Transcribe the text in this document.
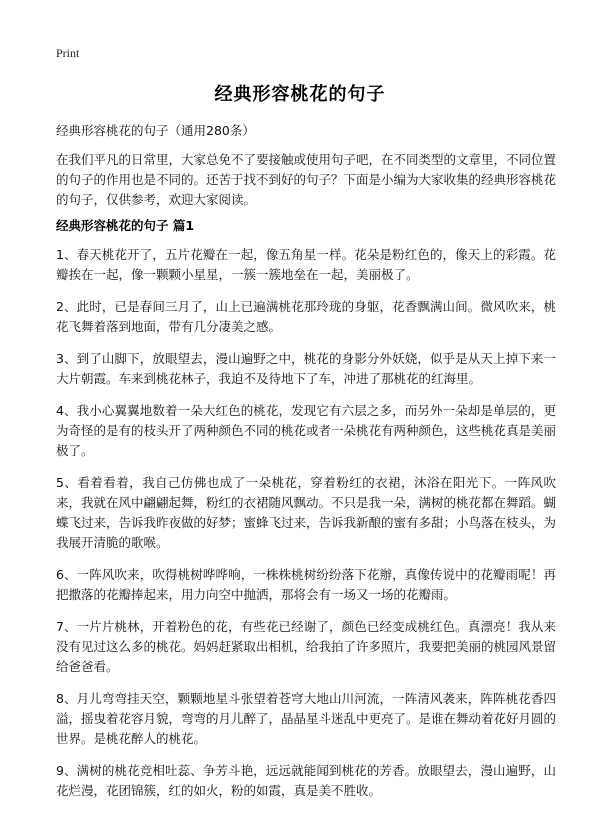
Print
经典形容桃花的句子
经典形容桃花的句子（通用280条）
在我们平凡的日常里，大家总免不了要接触或使用句子吧，在不同类型的文章里，不同位置的句子的作用也是不同的。还苦于找不到好的句子？下面是小编为大家收集的经典形容桃花的句子，仅供参考，欢迎大家阅读。
经典形容桃花的句子 篇1

1、春天桃花开了，五片花瓣在一起，像五角星一样。花朵是粉红色的，像天上的彩霞。花瓣挨在一起，像一颗颗小星星，一簇一簇地垒在一起，美丽极了。

2、此时，已是春间三月了，山上已遍满桃花那玲珑的身躯，花香飘满山间。微风吹来，桃花飞舞着落到地面，带有几分凄美之感。

3、到了山脚下，放眼望去，漫山遍野之中，桃花的身影分外妖娆，似乎是从天上掉下来一大片朝霞。车来到桃花林子，我迫不及待地下了车，冲进了那桃花的红海里。

4、我小心翼翼地数着一朵大红色的桃花，发现它有六层之多，而另外一朵却是单层的，更为奇怪的是有的枝头开了两种颜色不同的桃花或者一朵桃花有两种颜色，这些桃花真是美丽极了。

5、看着看着，我自己仿佛也成了一朵桃花，穿着粉红的衣裙，沐浴在阳光下。一阵风吹来，我就在风中翩翩起舞，粉红的衣裙随风飘动。不只是我一朵，满树的桃花都在舞蹈。蝴蝶飞过来，告诉我昨夜做的好梦；蜜蜂飞过来，告诉我新酿的蜜有多甜；小鸟落在枝头，为我展开清脆的歌喉。

6、一阵风吹来，吹得桃树哗哗响，一株株桃树纷纷落下花辦，真像传说中的花瓣雨呢！再把撒落的花瓣捧起来，用力向空中抛洒，那将会有一场又一场的花瓣雨。

7、一片片桃林，开着粉色的花，有些花已经谢了，颜色已经变成桃红色。真漂亮！我从来没有见过这么多的桃花。妈妈赶紧取出相机，给我拍了许多照片，我要把美丽的桃园风景留给爸爸看。

8、月儿弯弯挂天空，颗颗地星斗张望着苍穹大地山川河流，一阵清风袭来，阵阵桃花香四溢，摇曳着花容月貌，弯弯的月儿醉了，晶晶星斗迷乱中更亮了。是谁在舞动着花好月圆的世界。是桃花醉人的桃花。

9、满树的桃花竞相吐蕊、争芳斗艳，远远就能闻到桃花的芳香。放眼望去，漫山遍野，山花烂漫，花团锦簇，红的如火，粉的如霞，真是美不胜收。
